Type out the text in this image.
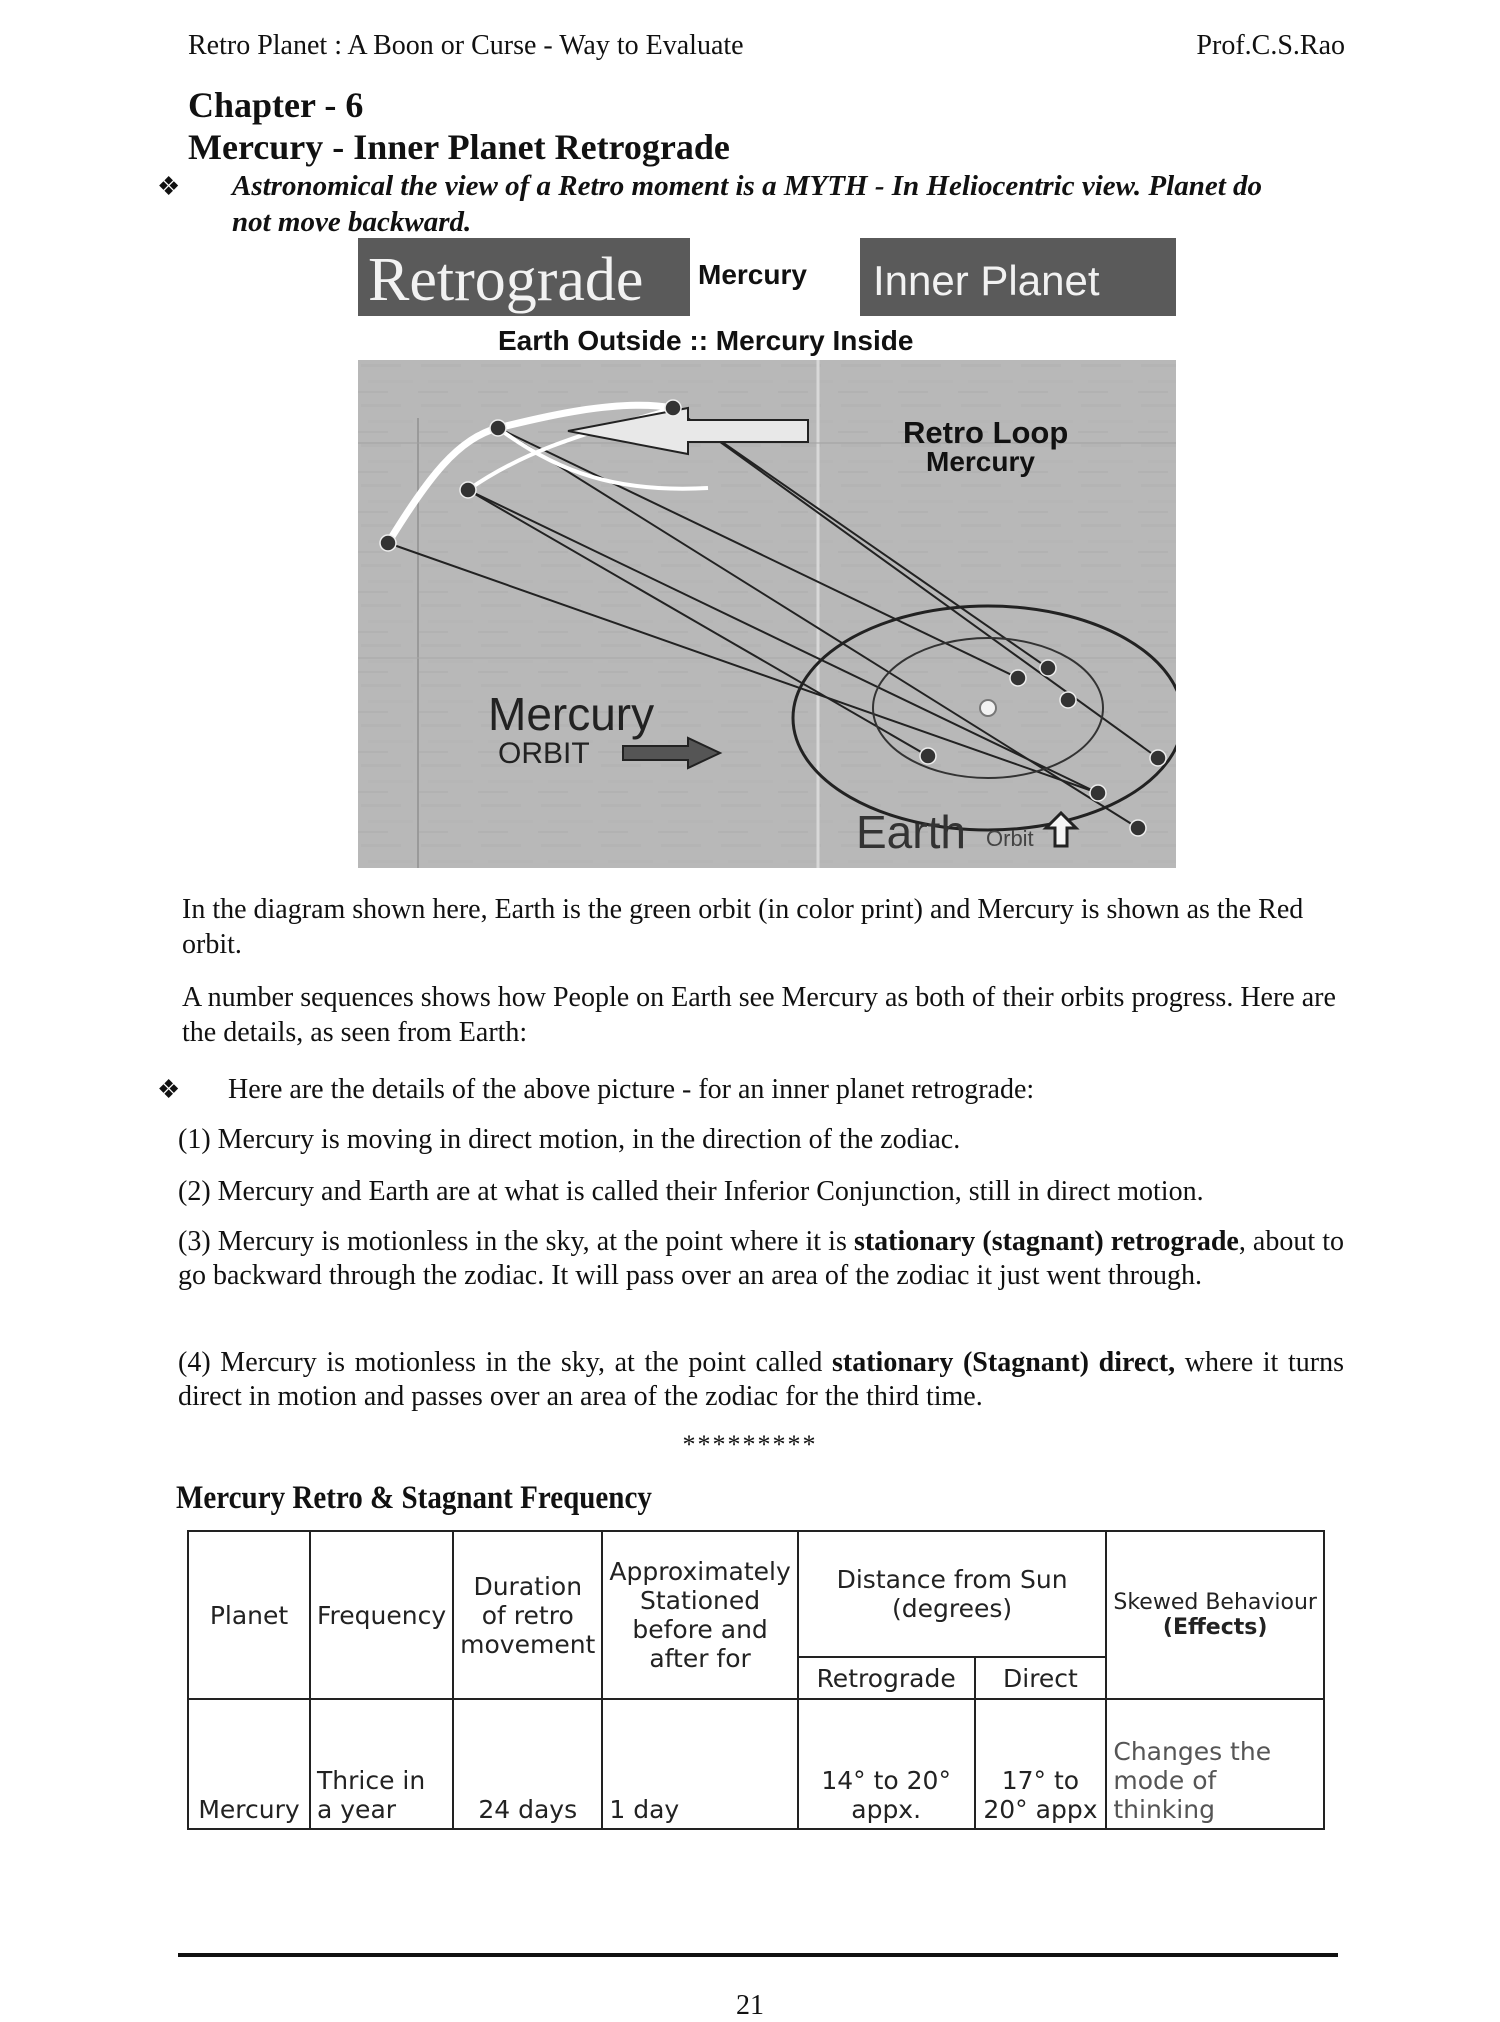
Retro Planet : A Boon or Curse - Way to Evaluate	Prof.C.S.Rao
Chapter - 6
Mercury - Inner Planet Retrograde
❖ Astronomical the view of a Retro moment is a MYTH - In Heliocentric view. Planet do
not move backward.
Retrograde Mercury Inner Planet
Earth Outside :: Mercury Inside
Retro Loop
Mercury
Mercury
ORBIT
Earth Orbit
In the diagram shown here, Earth is the green orbit (in color print) and Mercury is shown as the Red orbit.
A number sequences shows how People on Earth see Mercury as both of their orbits progress. Here are the details, as seen from Earth:
❖ Here are the details of the above picture - for an inner planet retrograde:
(1) Mercury is moving in direct motion, in the direction of the zodiac.
(2) Mercury and Earth are at what is called their Inferior Conjunction, still in direct motion.
(3) Mercury is motionless in the sky, at the point where it is stationary (stagnant) retrograde, about to go backward through the zodiac. It will pass over an area of the zodiac it just went through.
(4) Mercury is motionless in the sky, at the point called stationary (Stagnant) direct, where it turns direct in motion and passes over an area of the zodiac for the third time.
*********
Mercury Retro & Stagnant Frequency
Planet	Frequency	Duration of retro movement	Approximately Stationed before and after for	Distance from Sun (degrees)		Skewed Behaviour
(Effects)

				Retrograde	Direct	
Mercury	Thrice in a year	24 days	1 day	14° to 20° appx.	17° to 20° appx	Changes the mode of thinking
21
